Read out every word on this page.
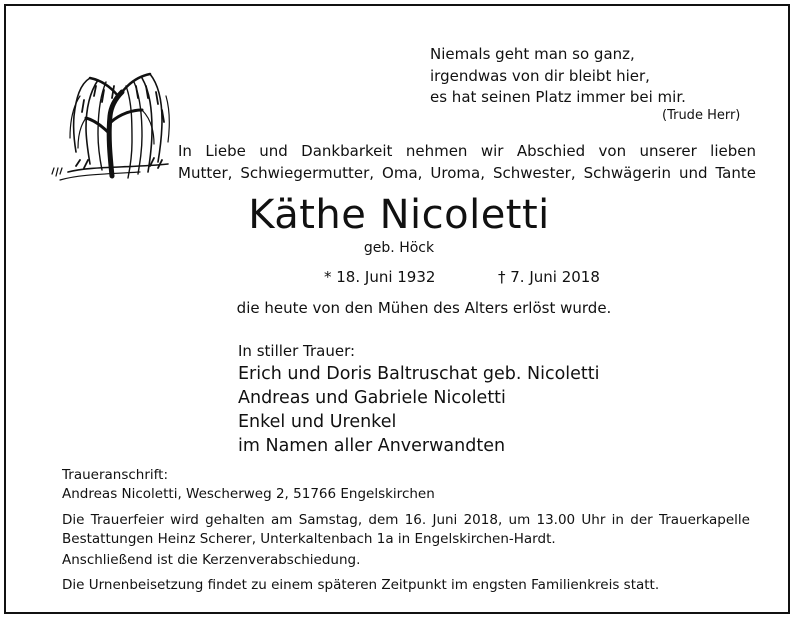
Niemals geht man so ganz,
irgendwas von dir bleibt hier,
es hat seinen Platz immer bei mir.
(Trude Herr)
In Liebe und Dankbarkeit nehmen wir Abschied von unserer lieben
Mutter, Schwiegermutter, Oma, Uroma, Schwester, Schwägerin und Tante
Käthe Nicoletti
geb. Höck
* 18. Juni 1932	† 7. Juni 2018
die heute von den Mühen des Alters erlöst wurde.
In stiller Trauer:
Erich und Doris Baltruschat geb. Nicoletti
Andreas und Gabriele Nicoletti
Enkel und Urenkel
im Namen aller Anverwandten
Traueranschrift:
Andreas Nicoletti, Wescherweg 2, 51766 Engelskirchen
Die Trauerfeier wird gehalten am Samstag, dem 16. Juni 2018, um 13.00 Uhr in der Trauerkapelle
Bestattungen Heinz Scherer, Unterkaltenbach 1a in Engelskirchen-Hardt.
Anschließend ist die Kerzenverabschiedung.
Die Urnenbeisetzung findet zu einem späteren Zeitpunkt im engsten Familienkreis statt.
